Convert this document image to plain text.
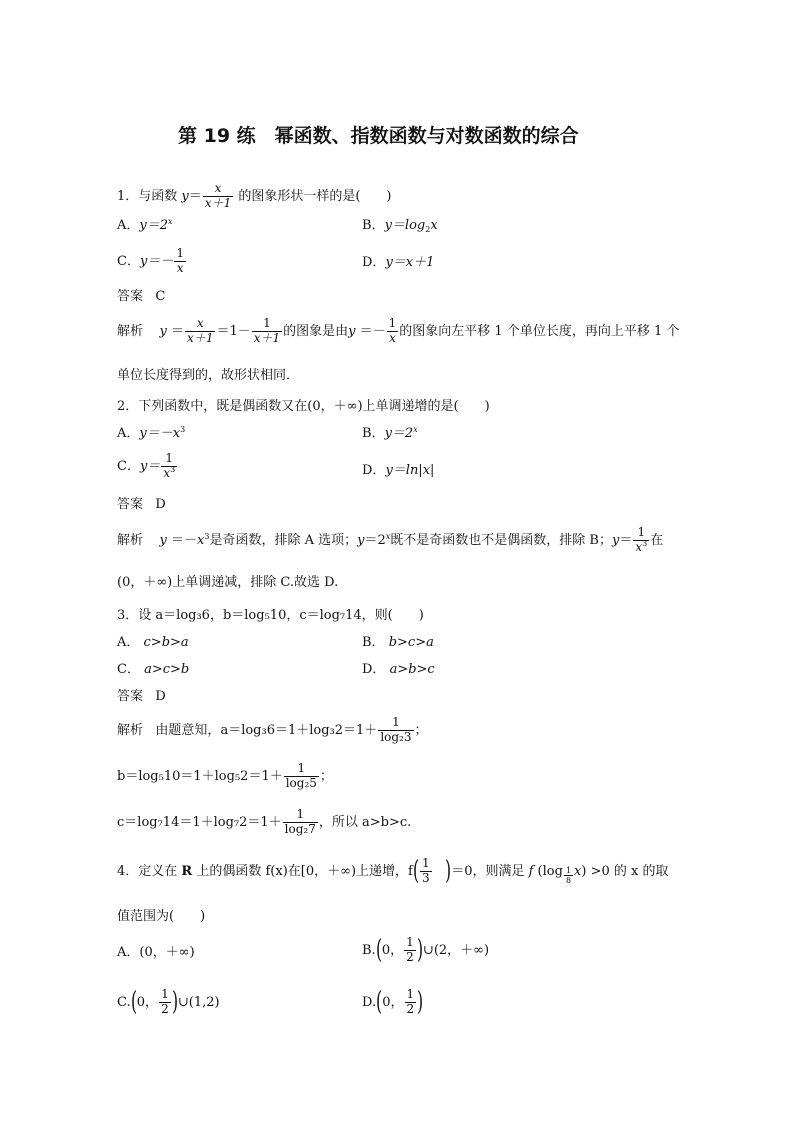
第 19 练　幂函数、指数函数与对数函数的综合
1．与函数 $y= \frac{x}{x+1}$ 的图象形状一样的是(　　)
A．$y=2^x$	B．$y=\log_2x$
C．$y=- \frac{1}{x}$	D．y＝x＋1
答案 C
解析 $y = \frac{x}{x+1} =1- \frac{1}{x+1}$ 的图象是由$y =- \frac{1}{x}$ 的图象向左平移 1 个单位长度，再向上平移 1 个
单位长度得到的，故形状相同．
2．下列函数中，既是偶函数又在(0，＋∞)上单调递增的是(　　)
A．$y=-x^3$	B．$y=2^x$
C．$y= \frac{1}{x^3}$	D．y＝ln|x|
答案 D
解析 $y =-x^3$是奇函数，排除 A 选项；$y=2^x$既不是奇函数也不是偶函数，排除 B；$y= \frac{1}{x^3}$ 在
(0，＋∞)上单调递减，排除 C.故选 D.
3．设 a＝log₃6，b＝log₅10，c＝log₇14，则(　　)
A． c>b>a	B． b>c>a
C． a>c>b	D． a>b>c
答案 D
解析 由题意知，$a=\log_36=1+\log_32=1+ \frac{1}{\text{log₂3}}$ ；
$b=\log_510=1+\log_52=1+ \frac{1}{\text{log₂5}}$ ；
$c=\log_714=1+\log_72=1+ \frac{1}{\text{log₂7}}$ ，所以 a>b>c.
4．定义在 R 上的偶函数 f(x)在[0，＋∞)上递增，$f( \frac{1}{3} )=0$，则满足 f $(\log \frac{1}{8} x) >0$ 的 x 的取
值范围为(　　)
A．(0，＋∞)	B.(0， $\frac{1}{2}$ )∪(2，＋∞)
C.(0， $\frac{1}{2}$ )∪(1,2)	D.(0， $\frac{1}{2}$ )
